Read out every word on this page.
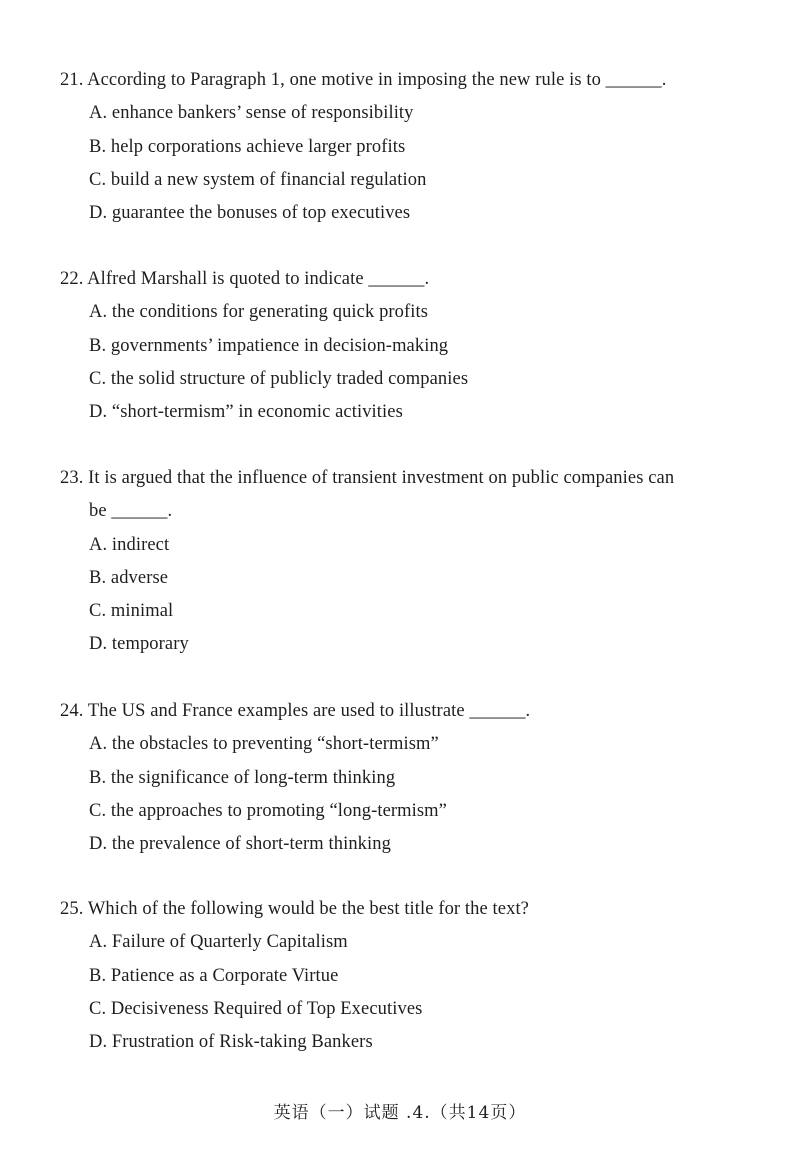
21. According to Paragraph 1, one motive in imposing the new rule is to ______.

A. enhance bankers’ sense of responsibility
B. help corporations achieve larger profits
C. build a new system of financial regulation
D. guarantee the bonuses of top executives

22. Alfred Marshall is quoted to indicate ______.

A. the conditions for generating quick profits
B. governments’ impatience in decision-making
C. the solid structure of publicly traded companies
D. “short-termism” in economic activities

23. It is argued that the influence of transient investment on public companies can

be ______.

A. indirect
B. adverse
C. minimal
D. temporary

24. The US and France examples are used to illustrate ______.

A. the obstacles to preventing “short-termism”
B. the significance of long-term thinking
C. the approaches to promoting “long-termism”
D. the prevalence of short-term thinking

25. Which of the following would be the best title for the text?

A. Failure of Quarterly Capitalism
B. Patience as a Corporate Virtue
C. Decisiveness Required of Top Executives
D. Frustration of Risk-taking Bankers
英语（一）试题 .4.（共14页）
